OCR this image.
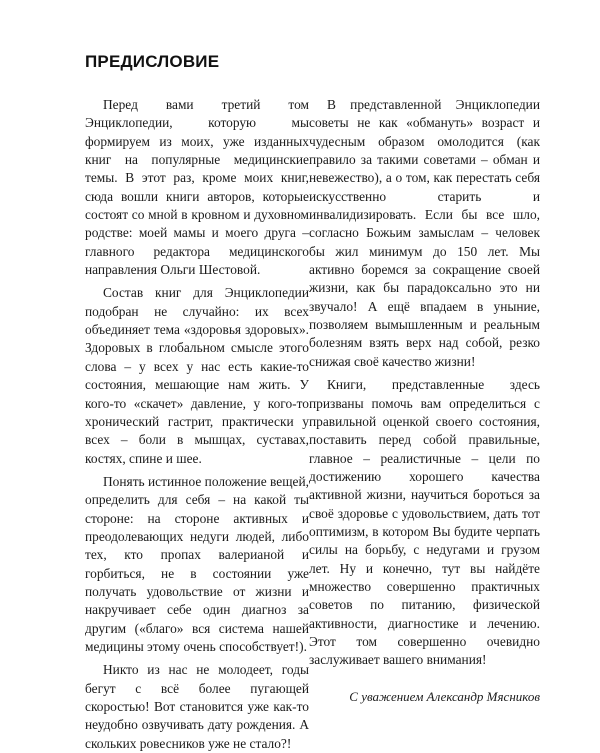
ПРЕДИСЛОВИЕ

Перед вами третий том Энциклопедии, которую мы формируем из моих, уже изданных книг на популярные медицинские темы. В этот раз, кроме моих книг, сюда вошли книги авторов, которые состоят со мной в кровном и духовном родстве: моей мамы и моего друга – главного редактора медицинского направления Ольги Шестовой.

Состав книг для Энциклопедии подобран не случайно: их всех объединяет тема «здоровья здоровых». Здоровых в глобальном смысле этого слова – у всех у нас есть какие-то состояния, мешающие нам жить. У кого-то «скачет» давление, у кого-то хронический гастрит, практически у всех – боли в мышцах, суставах, костях, спине и шее.

Понять истинное положение вещей, определить для себя – на какой ты стороне: на стороне активных и преодолевающих недуги людей, либо тех, кто пропах валерианой и горбиться, не в состоянии уже получать удовольствие от жизни и накручивает себе один диагноз за другим («благо» вся система нашей медицины этому очень способствует!).

Никто из нас не молодеет, годы бегут с всё более пугающей скоростью! Вот становится уже как-то неудобно озвучивать дату рождения. А скольких ровесников уже не стало?!

В представленной Энциклопедии советы не как «обмануть» возраст и чудесным образом омолодится (как правило за такими советами – обман и невежество), а о том, как перестать себя искусственно старить и инвалидизировать. Если бы все шло, согласно Божьим замыслам – человек бы жил минимум до 150 лет. Мы активно боремся за сокращение своей жизни, как бы парадоксально это ни звучало! А ещё впадаем в уныние, позволяем вымышленным и реальным болезням взять верх над собой, резко снижая своё качество жизни!

Книги, представленные здесь призваны помочь вам определиться с правильной оценкой своего состояния, поставить перед собой правильные, главное – реалистичные – цели по достижению хорошего качества активной жизни, научиться бороться за своё здоровье с удовольствием, дать тот оптимизм, в котором Вы будите черпать силы на борьбу, с недугами и грузом лет. Ну и конечно, тут вы найдёте множество совершенно практичных советов по питанию, физической активности, диагностике и лечению. Этот том совершенно очевидно заслуживает вашего внимания!

С уважением Александр Мясников
